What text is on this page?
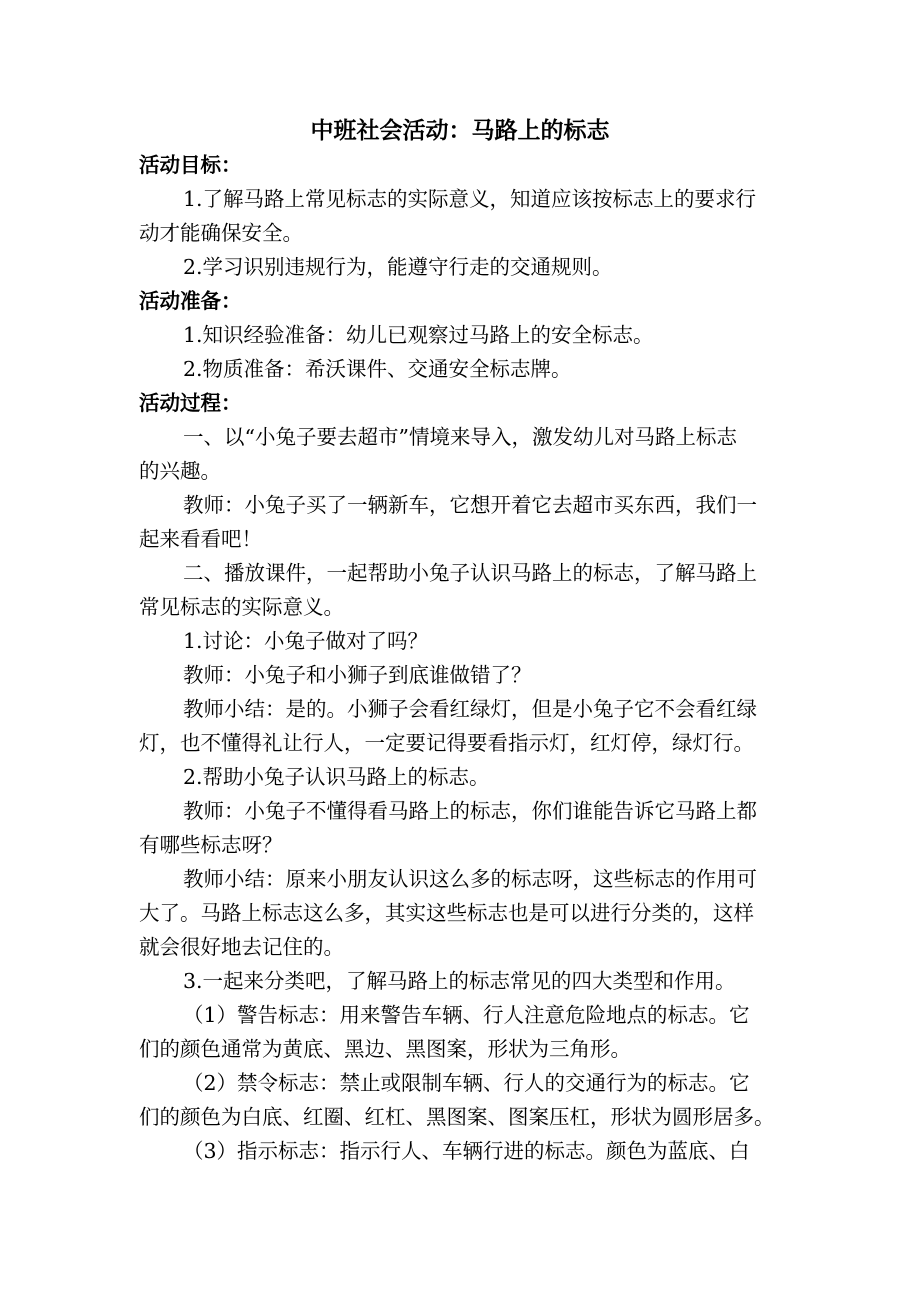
中班社会活动：马路上的标志
活动目标：
1.了解马路上常见标志的实际意义，知道应该按标志上的要求行
动才能确保安全。
2.学习识别违规行为，能遵守行走的交通规则。
活动准备：
1.知识经验准备：幼儿已观察过马路上的安全标志。
2.物质准备：希沃课件、交通安全标志牌。
活动过程：
一、以“小兔子要去超市”情境来导入，激发幼儿对马路上标志
的兴趣。
教师：小兔子买了一辆新车，它想开着它去超市买东西，我们一
起来看看吧！
二、播放课件，一起帮助小兔子认识马路上的标志，了解马路上
常见标志的实际意义。
1.讨论：小兔子做对了吗？
教师：小兔子和小狮子到底谁做错了？
教师小结：是的。小狮子会看红绿灯，但是小兔子它不会看红绿
灯，也不懂得礼让行人，一定要记得要看指示灯，红灯停，绿灯行。
2.帮助小兔子认识马路上的标志。
教师：小兔子不懂得看马路上的标志，你们谁能告诉它马路上都
有哪些标志呀？
教师小结：原来小朋友认识这么多的标志呀，这些标志的作用可
大了。马路上标志这么多，其实这些标志也是可以进行分类的，这样
就会很好地去记住的。
3.一起来分类吧，了解马路上的标志常见的四大类型和作用。
（1）警告标志：用来警告车辆、行人注意危险地点的标志。它
们的颜色通常为黄底、黑边、黑图案，形状为三角形。
（2）禁令标志：禁止或限制车辆、行人的交通行为的标志。它
们的颜色为白底、红圈、红杠、黑图案、图案压杠，形状为圆形居多。
（3）指示标志：指示行人、车辆行进的标志。颜色为蓝底、白
